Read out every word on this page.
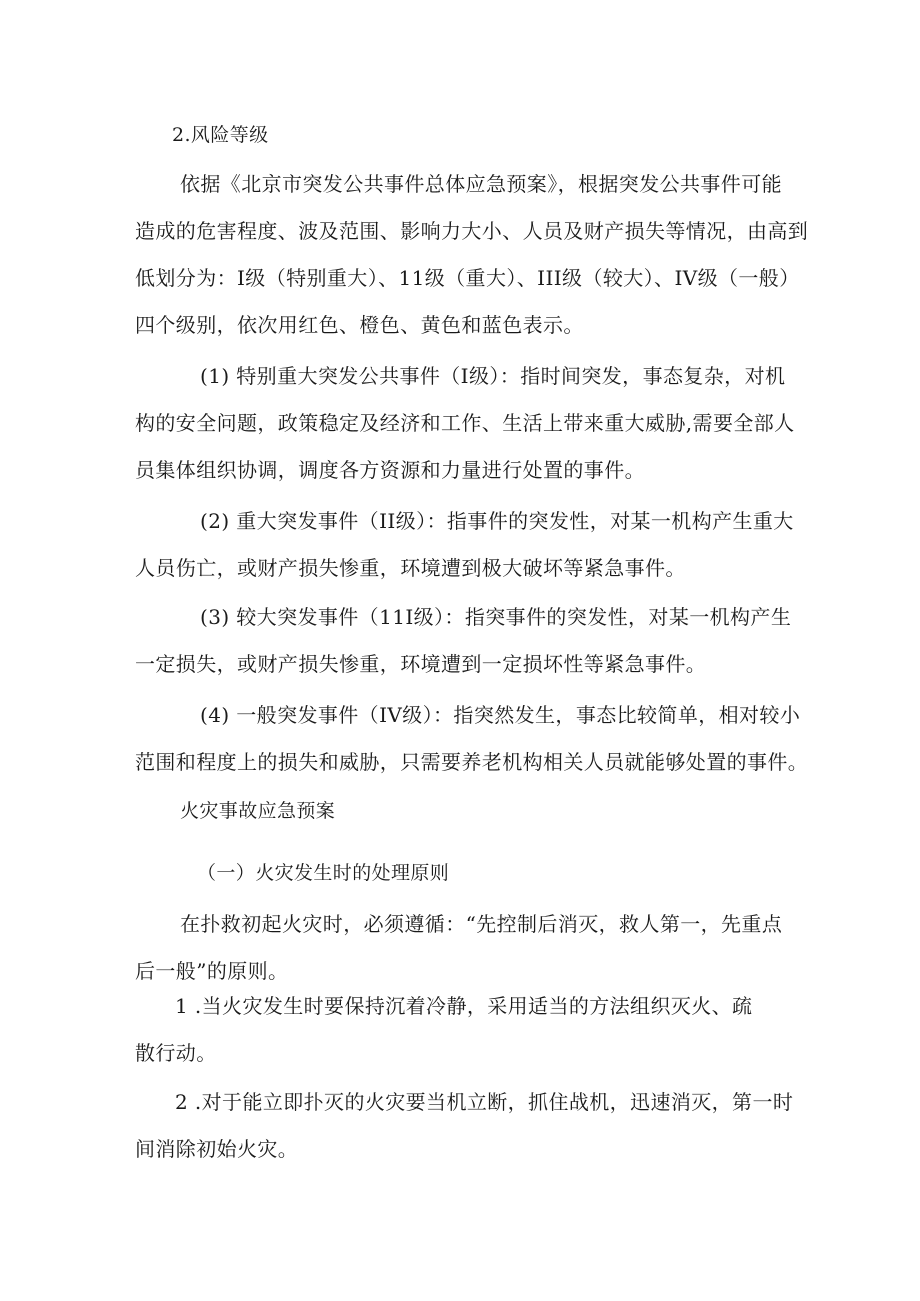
2.风险等级
依据《北京市突发公共事件总体应急预案》，根据突发公共事件可能
造成的危害程度、波及范围、影响力大小、人员及财产损失等情况，由高到
低划分为：I级（特别重大）、11级（重大）、III级（较大）、IV级（一般）
四个级别，依次用红色、橙色、黄色和蓝色表示。
(1) 特别重大突发公共事件（I级）：指时间突发，事态复杂，对机
构的安全问题，政策稳定及经济和工作、生活上带来重大威胁,需要全部人
员集体组织协调，调度各方资源和力量进行处置的事件。
(2) 重大突发事件（II级）：指事件的突发性，对某一机构产生重大
人员伤亡，或财产损失惨重，环境遭到极大破坏等紧急事件。
(3) 较大突发事件（11I级）：指突事件的突发性，对某一机构产生
一定损失，或财产损失惨重，环境遭到一定损坏性等紧急事件。
(4) 一般突发事件（IV级）：指突然发生，事态比较简单，相对较小
范围和程度上的损失和威胁，只需要养老机构相关人员就能够处置的事件。
火灾事故应急预案
（一）火灾发生时的处理原则
在扑救初起火灾时，必须遵循：“先控制后消灭，救人第一，先重点
后一般”的原则。
1 .当火灾发生时要保持沉着冷静，采用适当的方法组织灭火、疏
散行动。
2 .对于能立即扑灭的火灾要当机立断，抓住战机，迅速消灭，第一时
间消除初始火灾。
